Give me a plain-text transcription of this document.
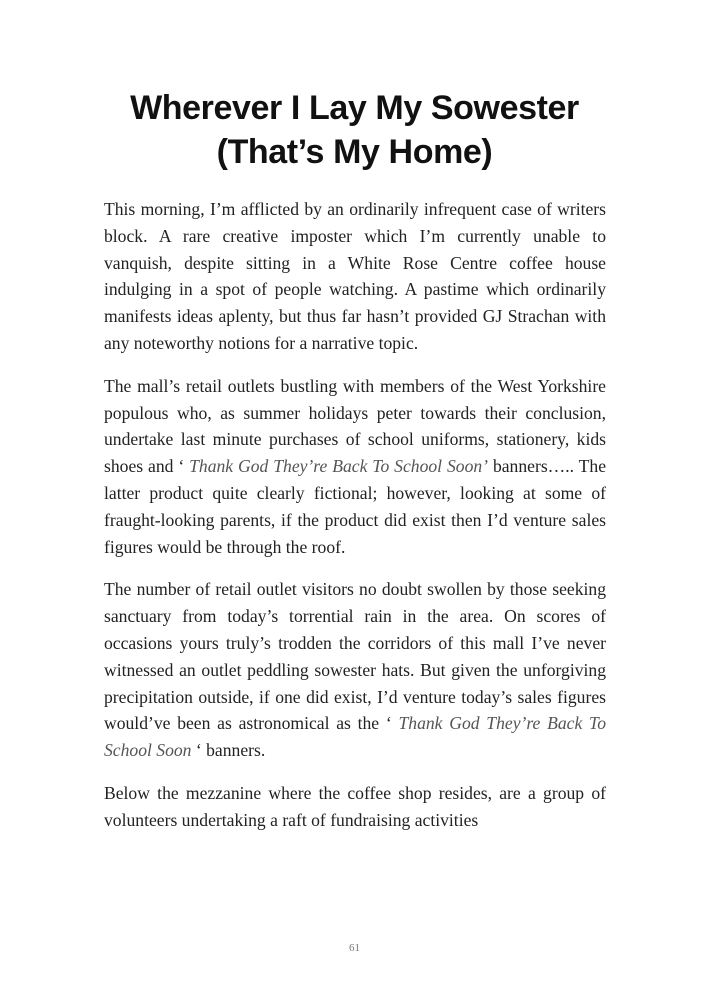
Wherever I Lay My Sowester
(That’s My Home)

This morning, I’m afflicted by an ordinarily infrequent case of writers block. A rare creative imposter which I’m currently unable to vanquish, despite sitting in a White Rose Centre coffee house indulging in a spot of people watching. A pastime which ordinarily manifests ideas aplenty, but thus far hasn’t provided GJ Strachan with any noteworthy notions for a narrative topic.

The mall’s retail outlets bustling with members of the West Yorkshire populous who, as summer holidays peter towards their conclusion, undertake last minute purchases of school uniforms, stationery, kids shoes and ‘ Thank God They’re Back To School Soon’ banners….. The latter product quite clearly fictional; however, looking at some of fraught-looking parents, if the product did exist then I’d venture sales figures would be through the roof.

The number of retail outlet visitors no doubt swollen by those seeking sanctuary from today’s torrential rain in the area. On scores of occasions yours truly’s trodden the corridors of this mall I’ve never witnessed an outlet peddling sowester hats. But given the unforgiving precipitation outside, if one did exist, I’d venture today’s sales figures would’ve been as astronomical as the ‘ Thank God They’re Back To School Soon ‘ banners.

Below the mezzanine where the coffee shop resides, are a group of volunteers undertaking a raft of fundraising activities

61
